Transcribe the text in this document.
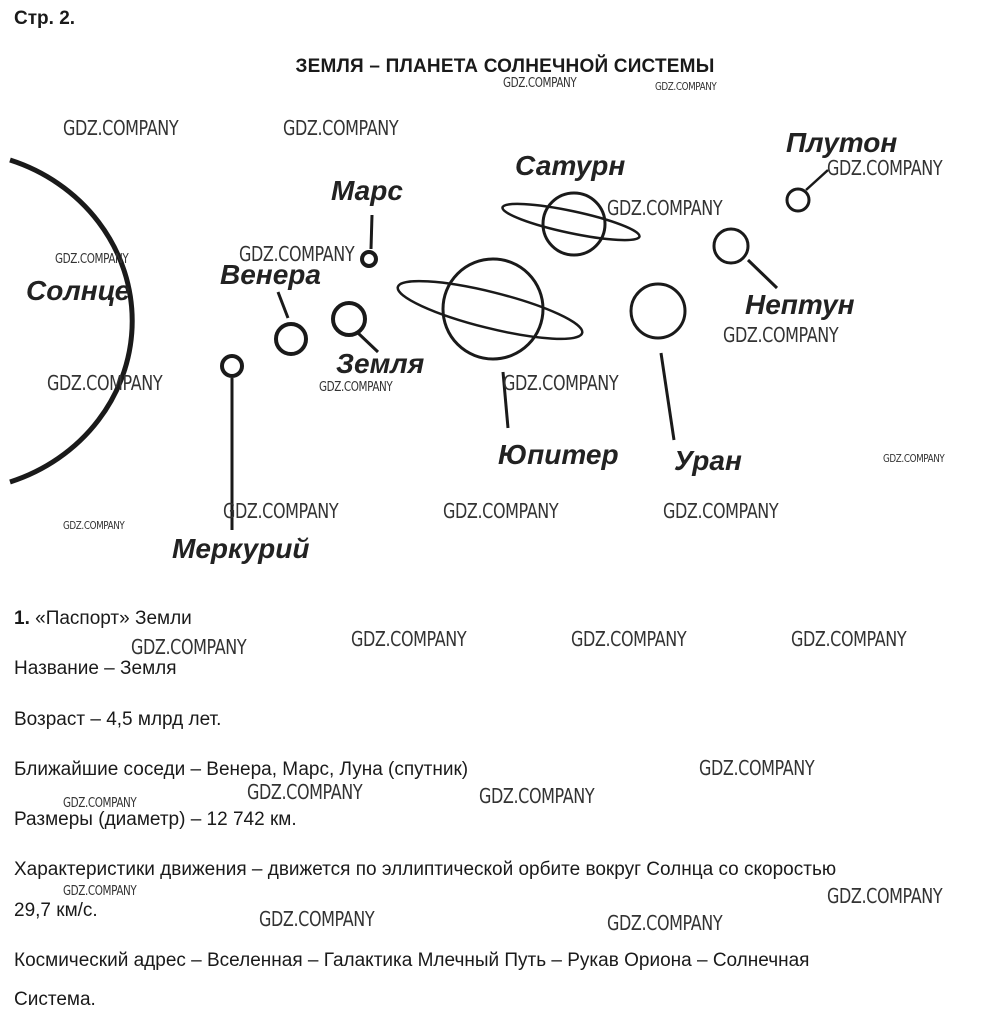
Стр. 2.
ЗЕМЛЯ – ПЛАНЕТА СОЛНЕЧНОЙ СИСТЕМЫ
Солнце
Меркурий
Венера
Земля
Марс
Юпитер
Сатурн
Уран
Нептун
Плутон
GDZ.COMPANY	GDZ.COMPANY
GDZ.COMPANY	GDZ.COMPANY
GDZ.COMPANY
GDZ.COMPANY
GDZ.COMPANY
GDZ.COMPANY
GDZ.COMPANY
GDZ.COMPANY	GDZ.COMPANY
GDZ.COMPANY
GDZ.COMPANY
GDZ.COMPANY	GDZ.COMPANY	GDZ.COMPANY
GDZ.COMPANY
GDZ.COMPANY	GDZ.COMPANY	GDZ.COMPANY	GDZ.COMPANY
GDZ.COMPANY
GDZ.COMPANY	GDZ.COMPANY
GDZ.COMPANY
GDZ.COMPANY	GDZ.COMPANY
GDZ.COMPANY	GDZ.COMPANY
1. «Паспорт» Земли
Название – Земля
Возраст – 4,5 млрд лет.
Ближайшие соседи – Венера, Марс, Луна (спутник)
Размеры (диаметр) – 12 742 км.
Характеристики движения – движется по эллиптической орбите вокруг Солнца со скоростью
29,7 км/с.
Космический адрес – Вселенная – Галактика Млечный Путь – Рукав Ориона – Солнечная
Система.
